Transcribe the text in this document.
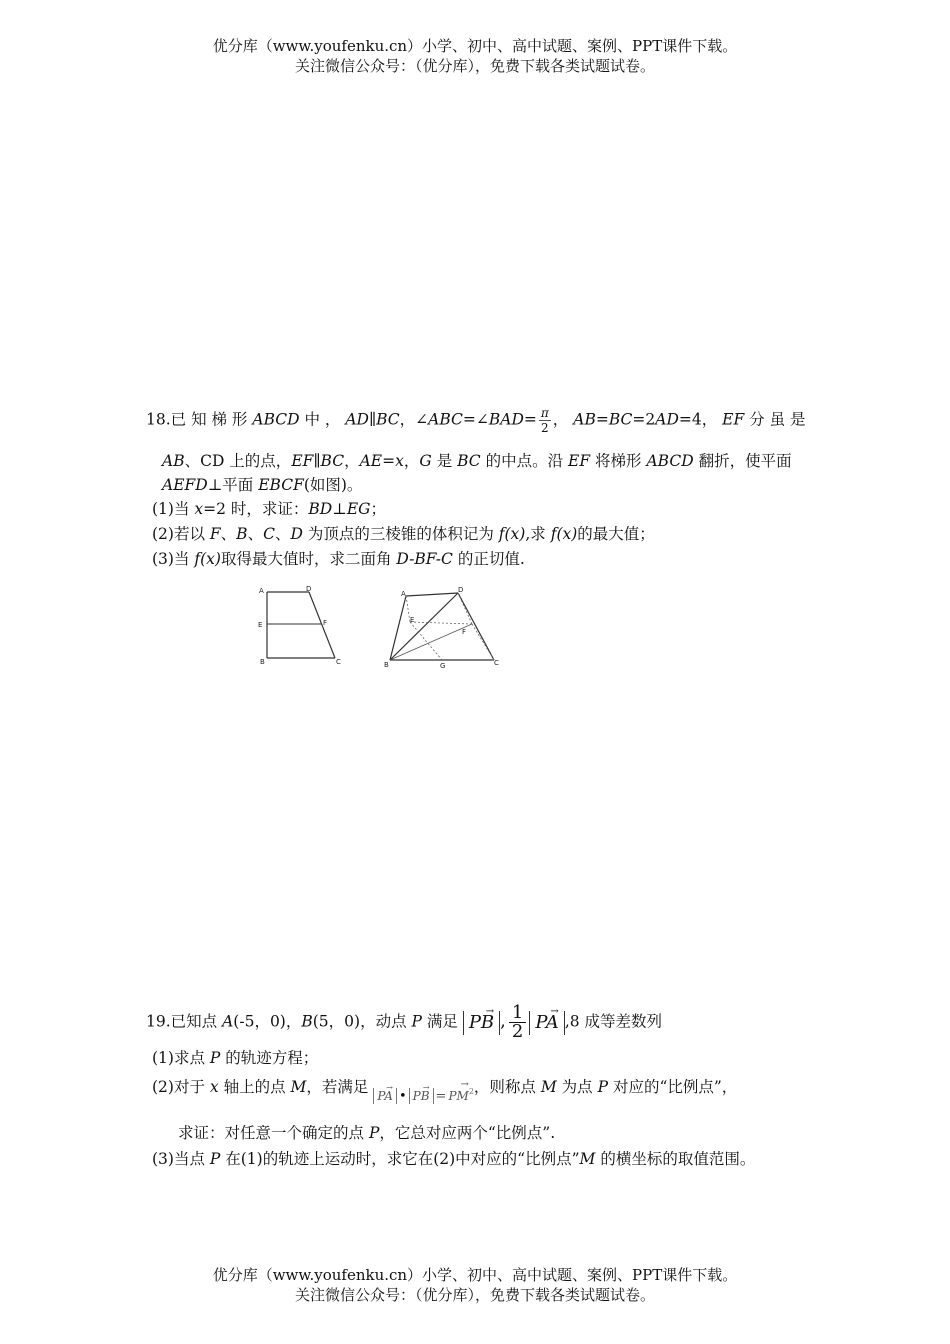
优分库（www.youfenku.cn）小学、初中、高中试题、案例、PPT课件下载。
关注微信公众号：（优分库），免费下载各类试题试卷。
18.已 知 梯 形 ABCD 中 ， AD∥BC，∠ABC=∠BAD= $\frac{\pi}{2}$ ， AB=BC=2AD=4， EF 分 虽 是
AB、CD 上的点，EF∥BC，AE=x，G 是 BC 的中点。沿 EF 将梯形 ABCD 翻折，使平面
AEFD⊥平面 EBCF(如图)。
(1)当 x=2 时，求证：BD⊥EG；
(2)若以 F、B、C、D 为顶点的三棱锥的体积记为 f(x),求 f(x)的最大值；
(3)当 f(x)取得最大值时，求二面角 D-BF-C 的正切值.
A	D
E	F
B	C
A	D
E
F
B	C
G
19.已知点 A(-5，0)，B(5，0)，动点 P 满足 → PB , $\frac{1}{2}$ → PA ,8 成等差数列
(1)求点 P 的轨迹方程；
(2)对于 x 轴上的点 M，若满足 → PA • → PB = → $PM^2$，则称点 M 为点 P 对应的“比例点”，
求证：对任意一个确定的点 P，它总对应两个“比例点”.
(3)当点 P 在(1)的轨迹上运动时，求它在(2)中对应的“比例点”M 的横坐标的取值范围。
优分库（www.youfenku.cn）小学、初中、高中试题、案例、PPT课件下载。
关注微信公众号：（优分库），免费下载各类试题试卷。
